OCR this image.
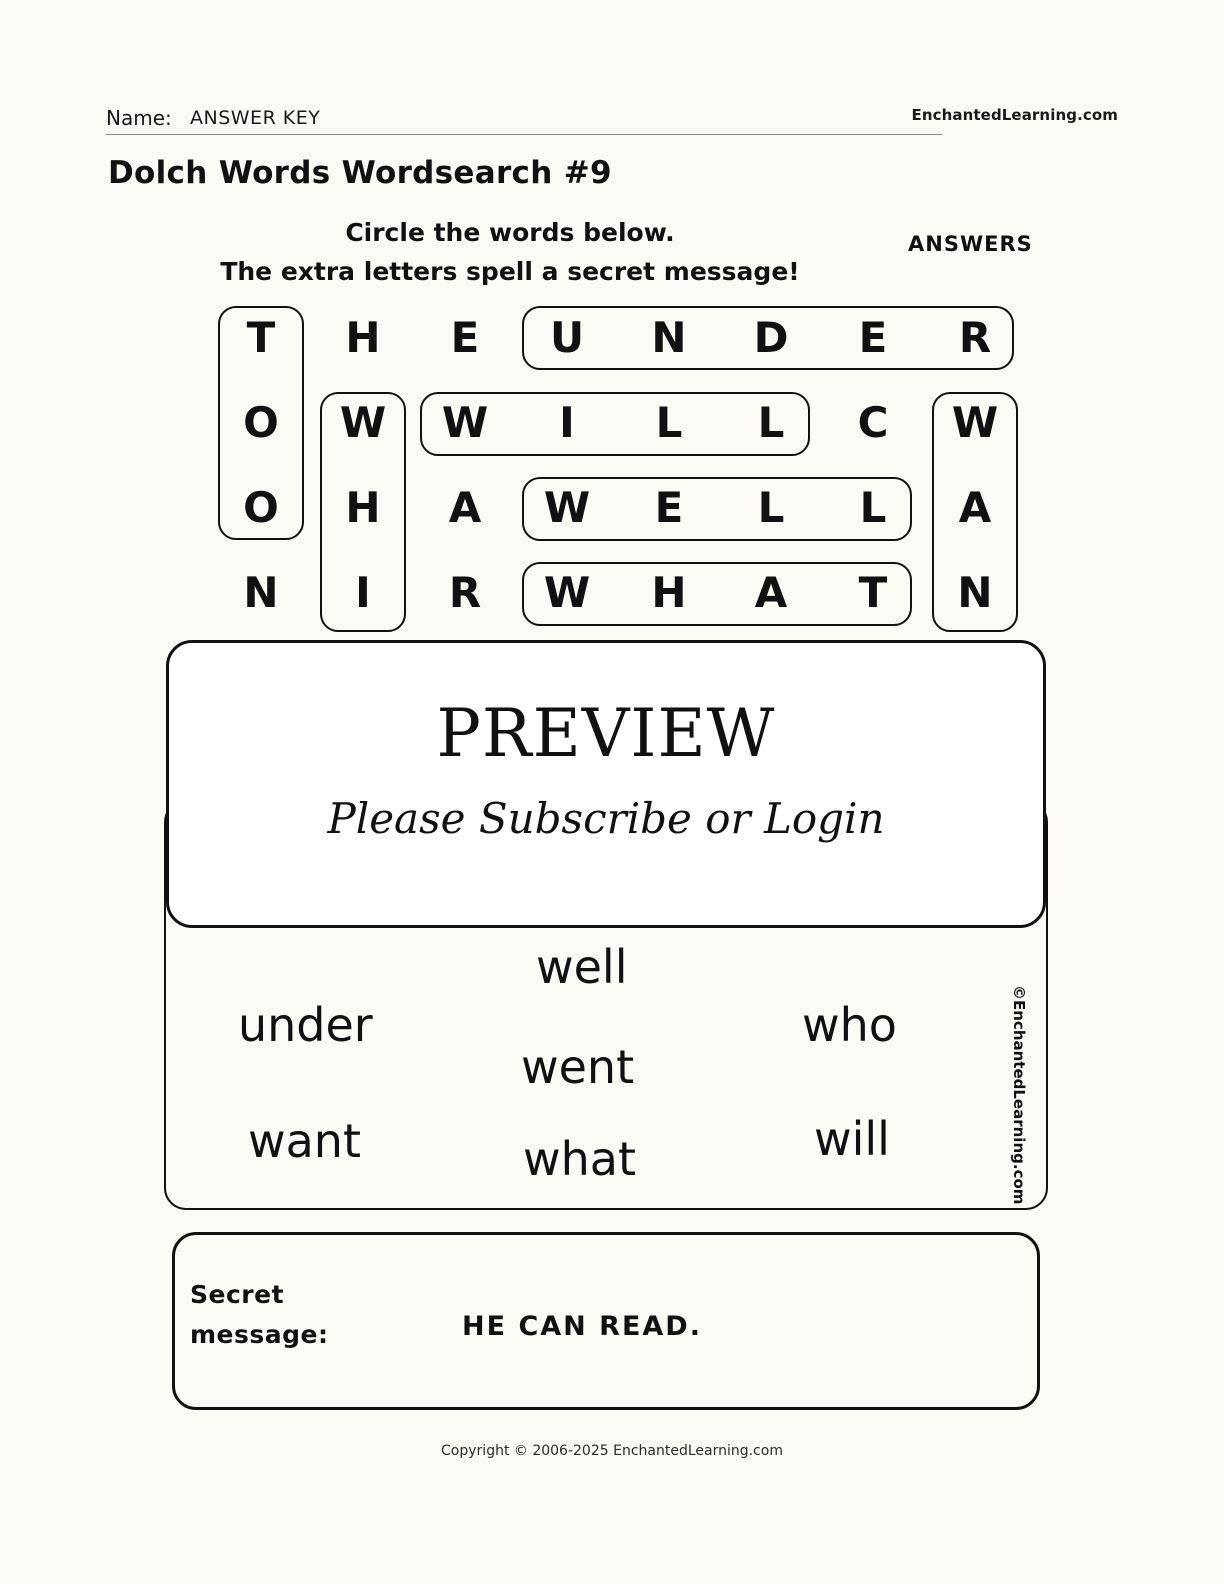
Name: ANSWER KEY	EnchantedLearning.com
Dolch Words Wordsearch #9
Circle the words below.
The extra letters spell a secret message!
ANSWERS
T	H	E	U	N	D	E	R
O	W	W	I	L	L	C	W
O	H	A	W	E	L	L	A
N	I	R	W	H	A	T	N
under
want
well
went
what
who
will	©EnchantedLearning.com
PREVIEW
Please Subscribe or Login
Secret
message:	HE CAN READ.
Copyright © 2006-2025 EnchantedLearning.com
